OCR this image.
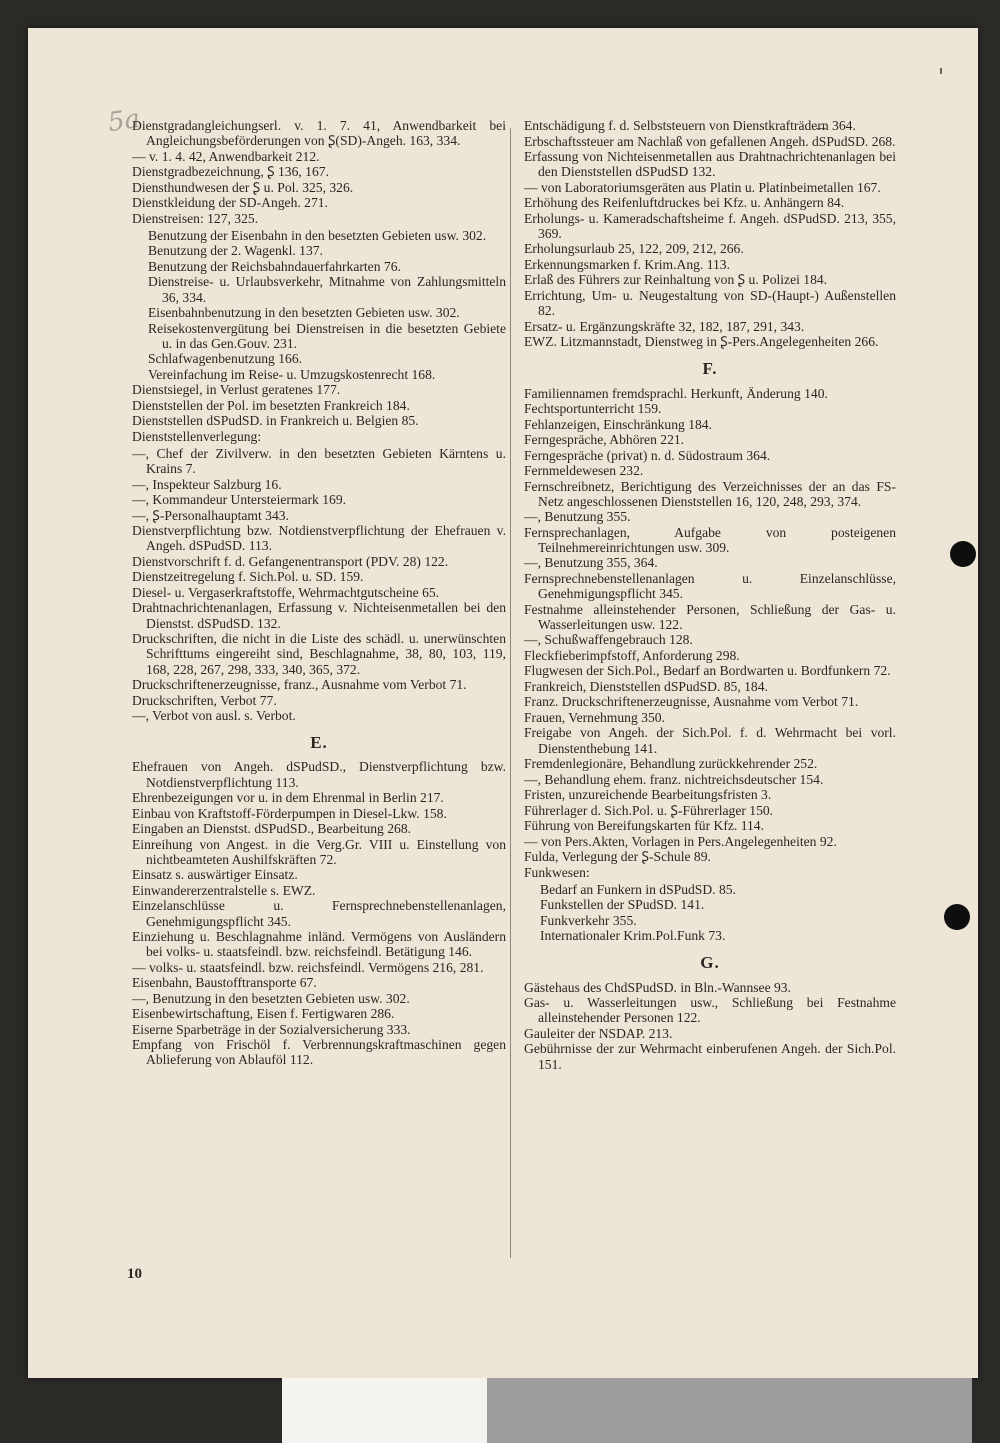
5a
Dienstgradangleichungserl. v. 1. 7. 41, Anwendbarkeit bei Angleichungsbeförderungen von Ʂ(SD)-Angeh. 163, 334.
— v. 1. 4. 42, Anwendbarkeit 212.
Dienstgradbezeichnung, Ʂ 136, 167.
Diensthundwesen der Ʂ u. Pol. 325, 326.
Dienstkleidung der SD-Angeh. 271.
Dienstreisen: 127, 325.
Benutzung der Eisenbahn in den besetzten Gebieten usw. 302.
Benutzung der 2. Wagenkl. 137.
Benutzung der Reichsbahndauerfahrkarten 76.
Dienstreise- u. Urlaubsverkehr, Mitnahme von Zahlungsmitteln 36, 334.
Eisenbahnbenutzung in den besetzten Gebieten usw. 302.
Reisekostenvergütung bei Dienstreisen in die besetzten Gebiete u. in das Gen.Gouv. 231.
Schlafwagenbenutzung 166.
Vereinfachung im Reise- u. Umzugskostenrecht 168.
Dienstsiegel, in Verlust geratenes 177.
Dienststellen der Pol. im besetzten Frankreich 184.
Dienststellen dSPudSD. in Frankreich u. Belgien 85.
Dienststellenverlegung:
—, Chef der Zivilverw. in den besetzten Gebieten Kärntens u. Krains 7.
—, Inspekteur Salzburg 16.
—, Kommandeur Untersteiermark 169.
—, Ʂ-Personalhauptamt 343.
Dienstverpflichtung bzw. Notdienstverpflichtung der Ehefrauen v. Angeh. dSPudSD. 113.
Dienstvorschrift f. d. Gefangenentransport (PDV. 28) 122.
Dienstzeitregelung f. Sich.Pol. u. SD. 159.
Diesel- u. Vergaserkraftstoffe, Wehrmachtgutscheine 65.
Drahtnachrichtenanlagen, Erfassung v. Nichteisenmetallen bei den Dienstst. dSPudSD. 132.
Druckschriften, die nicht in die Liste des schädl. u. unerwünschten Schrifttums eingereiht sind, Beschlagnahme, 38, 80, 103, 119, 168, 228, 267, 298, 333, 340, 365, 372.
Druckschriftenerzeugnisse, franz., Ausnahme vom Verbot 71.
Druckschriften, Verbot 77.
—, Verbot von ausl. s. Verbot.
E.
Ehefrauen von Angeh. dSPudSD., Dienstverpflichtung bzw. Notdienstverpflichtung 113.
Ehrenbezeigungen vor u. in dem Ehrenmal in Berlin 217.
Einbau von Kraftstoff-Förderpumpen in Diesel-Lkw. 158.
Eingaben an Dienstst. dSPudSD., Bearbeitung 268.
Einreihung von Angest. in die Verg.Gr. VIII u. Einstellung von nichtbeamteten Aushilfskräften 72.
Einsatz s. auswärtiger Einsatz.
Einwandererzentralstelle s. EWZ.
Einzelanschlüsse u. Fernsprechnebenstellenanlagen, Genehmigungspflicht 345.
Einziehung u. Beschlagnahme inländ. Vermögens von Ausländern bei volks- u. staatsfeindl. bzw. reichsfeindl. Betätigung 146.
— volks- u. staatsfeindl. bzw. reichsfeindl. Vermögens 216, 281.
Eisenbahn, Baustofftransporte 67.
—, Benutzung in den besetzten Gebieten usw. 302.
Eisenbewirtschaftung, Eisen f. Fertigwaren 286.
Eiserne Sparbeträge in der Sozialversicherung 333.
Empfang von Frischöl f. Verbrennungskraftmaschinen gegen Ablieferung von Ablauföl 112.
Entschädigung f. d. Selbststeuern von Dienstkrafträdern 364.
Erbschaftssteuer am Nachlaß von gefallenen Angeh. dSPudSD. 268.
Erfassung von Nichteisenmetallen aus Drahtnachrichtenanlagen bei den Dienststellen dSPudSD 132.
— von Laboratoriumsgeräten aus Platin u. Platinbeimetallen 167.
Erhöhung des Reifenluftdruckes bei Kfz. u. Anhängern 84.
Erholungs- u. Kameradschaftsheime f. Angeh. dSPudSD. 213, 355, 369.
Erholungsurlaub 25, 122, 209, 212, 266.
Erkennungsmarken f. Krim.Ang. 113.
Erlaß des Führers zur Reinhaltung von Ʂ u. Polizei 184.
Errichtung, Um- u. Neugestaltung von SD-(Haupt-) Außenstellen 82.
Ersatz- u. Ergänzungskräfte 32, 182, 187, 291, 343.
EWZ. Litzmannstadt, Dienstweg in Ʂ-Pers.Angelegenheiten 266.
F.
Familiennamen fremdsprachl. Herkunft, Änderung 140.
Fechtsportunterricht 159.
Fehlanzeigen, Einschränkung 184.
Ferngespräche, Abhören 221.
Ferngespräche (privat) n. d. Südostraum 364.
Fernmeldewesen 232.
Fernschreibnetz, Berichtigung des Verzeichnisses der an das FS-Netz angeschlossenen Dienststellen 16, 120, 248, 293, 374.
—, Benutzung 355.
Fernsprechanlagen, Aufgabe von posteigenen Teilnehmereinrichtungen usw. 309.
—, Benutzung 355, 364.
Fernsprechnebenstellenanlagen u. Einzelanschlüsse, Genehmigungspflicht 345.
Festnahme alleinstehender Personen, Schließung der Gas- u. Wasserleitungen usw. 122.
—, Schußwaffengebrauch 128.
Fleckfieberimpfstoff, Anforderung 298.
Flugwesen der Sich.Pol., Bedarf an Bordwarten u. Bordfunkern 72.
Frankreich, Dienststellen dSPudSD. 85, 184.
Franz. Druckschriftenerzeugnisse, Ausnahme vom Verbot 71.
Frauen, Vernehmung 350.
Freigabe von Angeh. der Sich.Pol. f. d. Wehrmacht bei vorl. Dienstenthebung 141.
Fremdenlegionäre, Behandlung zurückkehrender 252.
—, Behandlung ehem. franz. nichtreichsdeutscher 154.
Fristen, unzureichende Bearbeitungsfristen 3.
Führerlager d. Sich.Pol. u. Ʂ-Führerlager 150.
Führung von Bereifungskarten für Kfz. 114.
— von Pers.Akten, Vorlagen in Pers.Angelegenheiten 92.
Fulda, Verlegung der Ʂ-Schule 89.
Funkwesen:
Bedarf an Funkern in dSPudSD. 85.
Funkstellen der SPudSD. 141.
Funkverkehr 355.
Internationaler Krim.Pol.Funk 73.
G.
Gästehaus des ChdSPudSD. in Bln.-Wannsee 93.
Gas- u. Wasserleitungen usw., Schließung bei Festnahme alleinstehender Personen 122.
Gauleiter der NSDAP. 213.
Gebührnisse der zur Wehrmacht einberufenen Angeh. der Sich.Pol. 151.
10
